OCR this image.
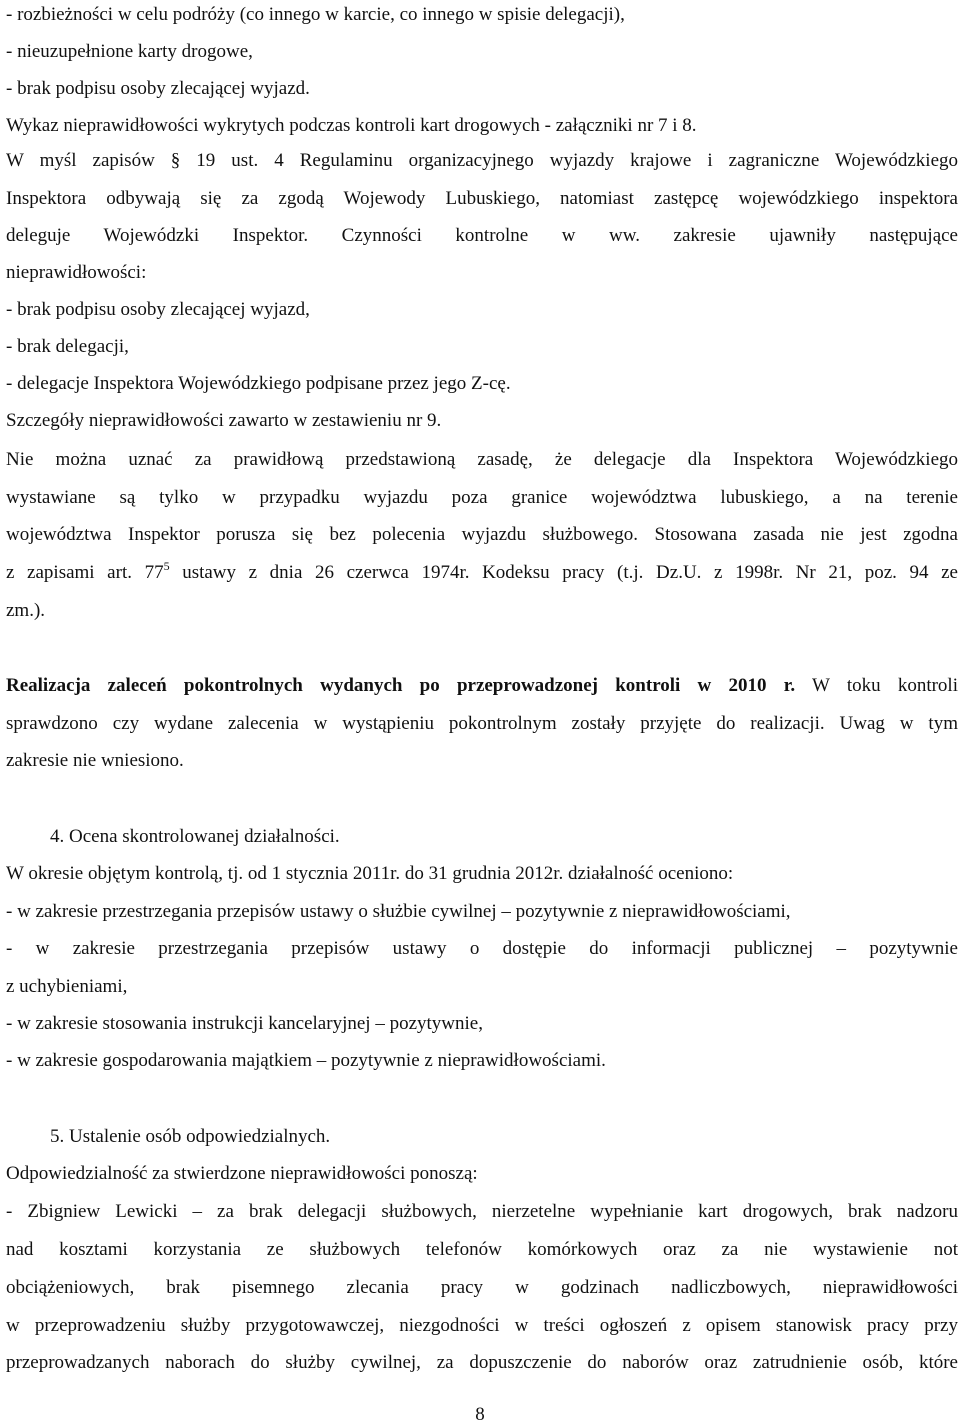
- rozbieżności w celu podróży (co innego w karcie, co innego w spisie delegacji),
- nieuzupełnione karty drogowe,
- brak podpisu osoby zlecającej wyjazd.
Wykaz nieprawidłowości wykrytych podczas kontroli kart drogowych - załączniki nr 7 i 8.
W myśl zapisów § 19 ust. 4 Regulaminu organizacyjnego wyjazdy krajowe i zagraniczne Wojewódzkiego
Inspektora odbywają się za zgodą Wojewody Lubuskiego, natomiast zastępcę wojewódzkiego inspektora
deleguje Wojewódzki Inspektor. Czynności kontrolne w ww. zakresie ujawniły następujące
nieprawidłowości:
- brak podpisu osoby zlecającej wyjazd,
- brak delegacji,
- delegacje Inspektora Wojewódzkiego podpisane przez jego Z-cę.
Szczegóły nieprawidłowości zawarto w zestawieniu nr 9.
Nie można uznać za prawidłową przedstawioną zasadę, że delegacje dla Inspektora Wojewódzkiego
wystawiane są tylko w przypadku wyjazdu poza granice województwa lubuskiego, a na terenie
województwa Inspektor porusza się bez polecenia wyjazdu służbowego. Stosowana zasada nie jest zgodna
z zapisami art. $77^5$ ustawy z dnia 26 czerwca 1974r. Kodeksu pracy (t.j. Dz.U. z 1998r. Nr 21, poz. 94 ze
zm.).
Realizacja zaleceń pokontrolnych wydanych po przeprowadzonej kontroli w 2010 r. W toku kontroli
sprawdzono czy wydane zalecenia w wystąpieniu pokontrolnym zostały przyjęte do realizacji. Uwag w tym
zakresie nie wniesiono.
4. Ocena skontrolowanej działalności.
W okresie objętym kontrolą, tj. od 1 stycznia 2011r. do 31 grudnia 2012r. działalność oceniono:
- w zakresie przestrzegania przepisów ustawy o służbie cywilnej – pozytywnie z nieprawidłowościami,
- w zakresie przestrzegania przepisów ustawy o dostępie do informacji publicznej – pozytywnie
z uchybieniami,
- w zakresie stosowania instrukcji kancelaryjnej – pozytywnie,
- w zakresie gospodarowania majątkiem – pozytywnie z nieprawidłowościami.
5. Ustalenie osób odpowiedzialnych.
Odpowiedzialność za stwierdzone nieprawidłowości ponoszą:
- Zbigniew Lewicki – za brak delegacji służbowych, nierzetelne wypełnianie kart drogowych, brak nadzoru
nad kosztami korzystania ze służbowych telefonów komórkowych oraz za nie wystawienie not
obciążeniowych, brak pisemnego zlecania pracy w godzinach nadliczbowych, nieprawidłowości
w przeprowadzeniu służby przygotowawczej, niezgodności w treści ogłoszeń z opisem stanowisk pracy przy
przeprowadzanych naborach do służby cywilnej, za dopuszczenie do naborów oraz zatrudnienie osób, które
8
